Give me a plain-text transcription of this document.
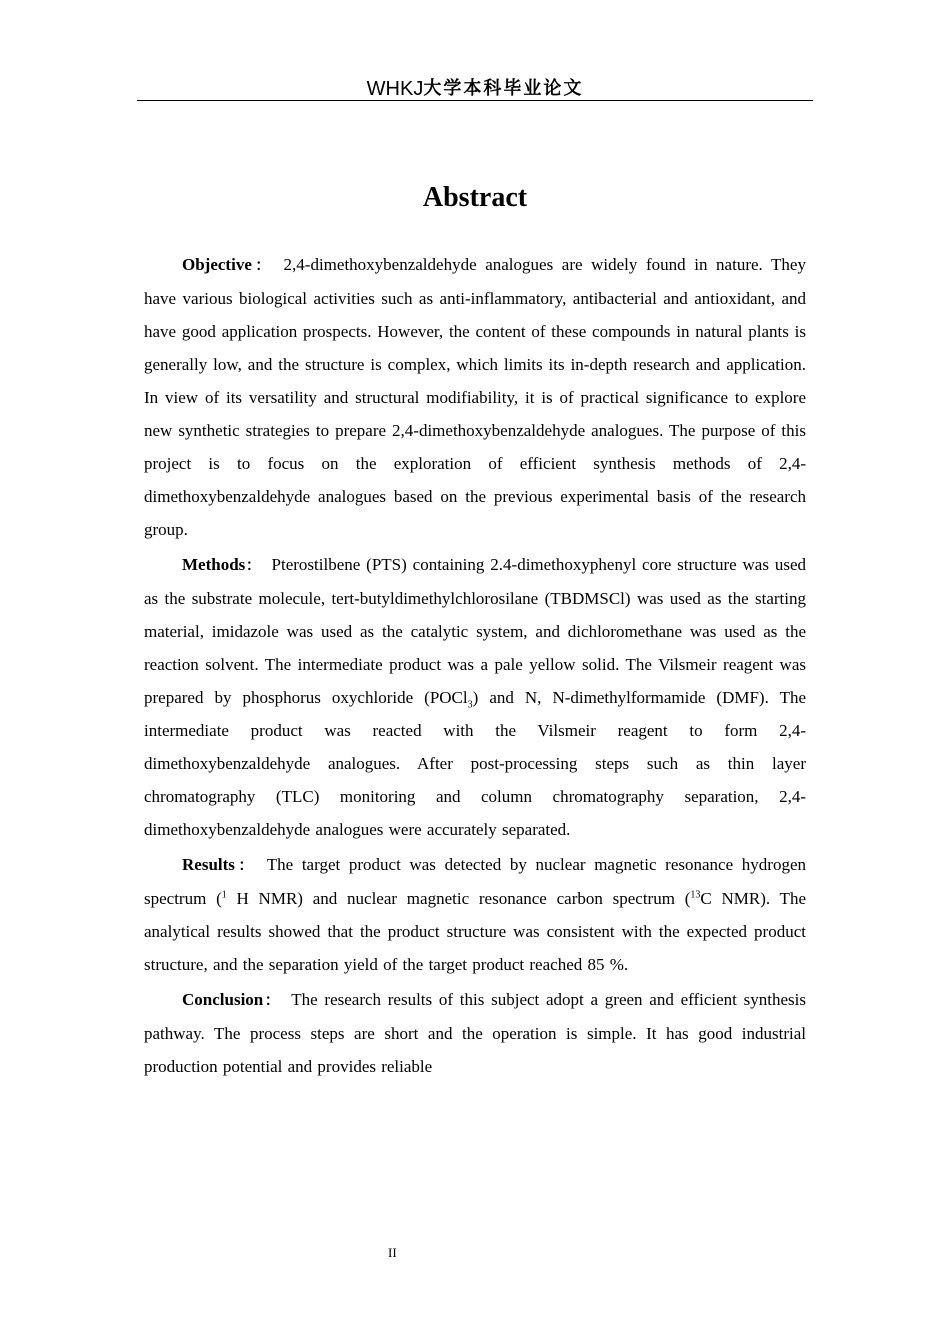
WHKJ大学本科毕业论文
Abstract

Objective： 2,4-dimethoxybenzaldehyde analogues are widely found in nature. They have various biological activities such as anti-inflammatory, antibacterial and antioxidant, and have good application prospects. However, the content of these compounds in natural plants is generally low, and the structure is complex, which limits its in-depth research and application. In view of its versatility and structural modifiability, it is of practical significance to explore new synthetic strategies to prepare 2,4-dimethoxybenzaldehyde analogues. The purpose of this project is to focus on the exploration of efficient synthesis methods of 2,4-dimethoxybenzaldehyde analogues based on the previous experimental basis of the research group.

Methods： Pterostilbene (PTS) containing 2.4-dimethoxyphenyl core structure was used as the substrate molecule, tert-butyldimethylchlorosilane (TBDMSCl) was used as the starting material, imidazole was used as the catalytic system, and dichloromethane was used as the reaction solvent. The intermediate product was a pale yellow solid. The Vilsmeir reagent was prepared by phosphorus oxychloride (POCl$_3$) and N, N-dimethylformamide (DMF). The intermediate product was reacted with the Vilsmeir reagent to form 2,4-dimethoxybenzaldehyde analogues. After post-processing steps such as thin layer chromatography (TLC) monitoring and column chromatography separation, 2,4-dimethoxybenzaldehyde analogues were accurately separated.

Results： The target product was detected by nuclear magnetic resonance hydrogen spectrum ($^1$ H NMR) and nuclear magnetic resonance carbon spectrum ($^{13}$C NMR). The analytical results showed that the product structure was consistent with the expected product structure, and the separation yield of the target product reached 85 %.

Conclusion： The research results of this subject adopt a green and efficient synthesis pathway. The process steps are short and the operation is simple. It has good industrial production potential and provides reliable

II
